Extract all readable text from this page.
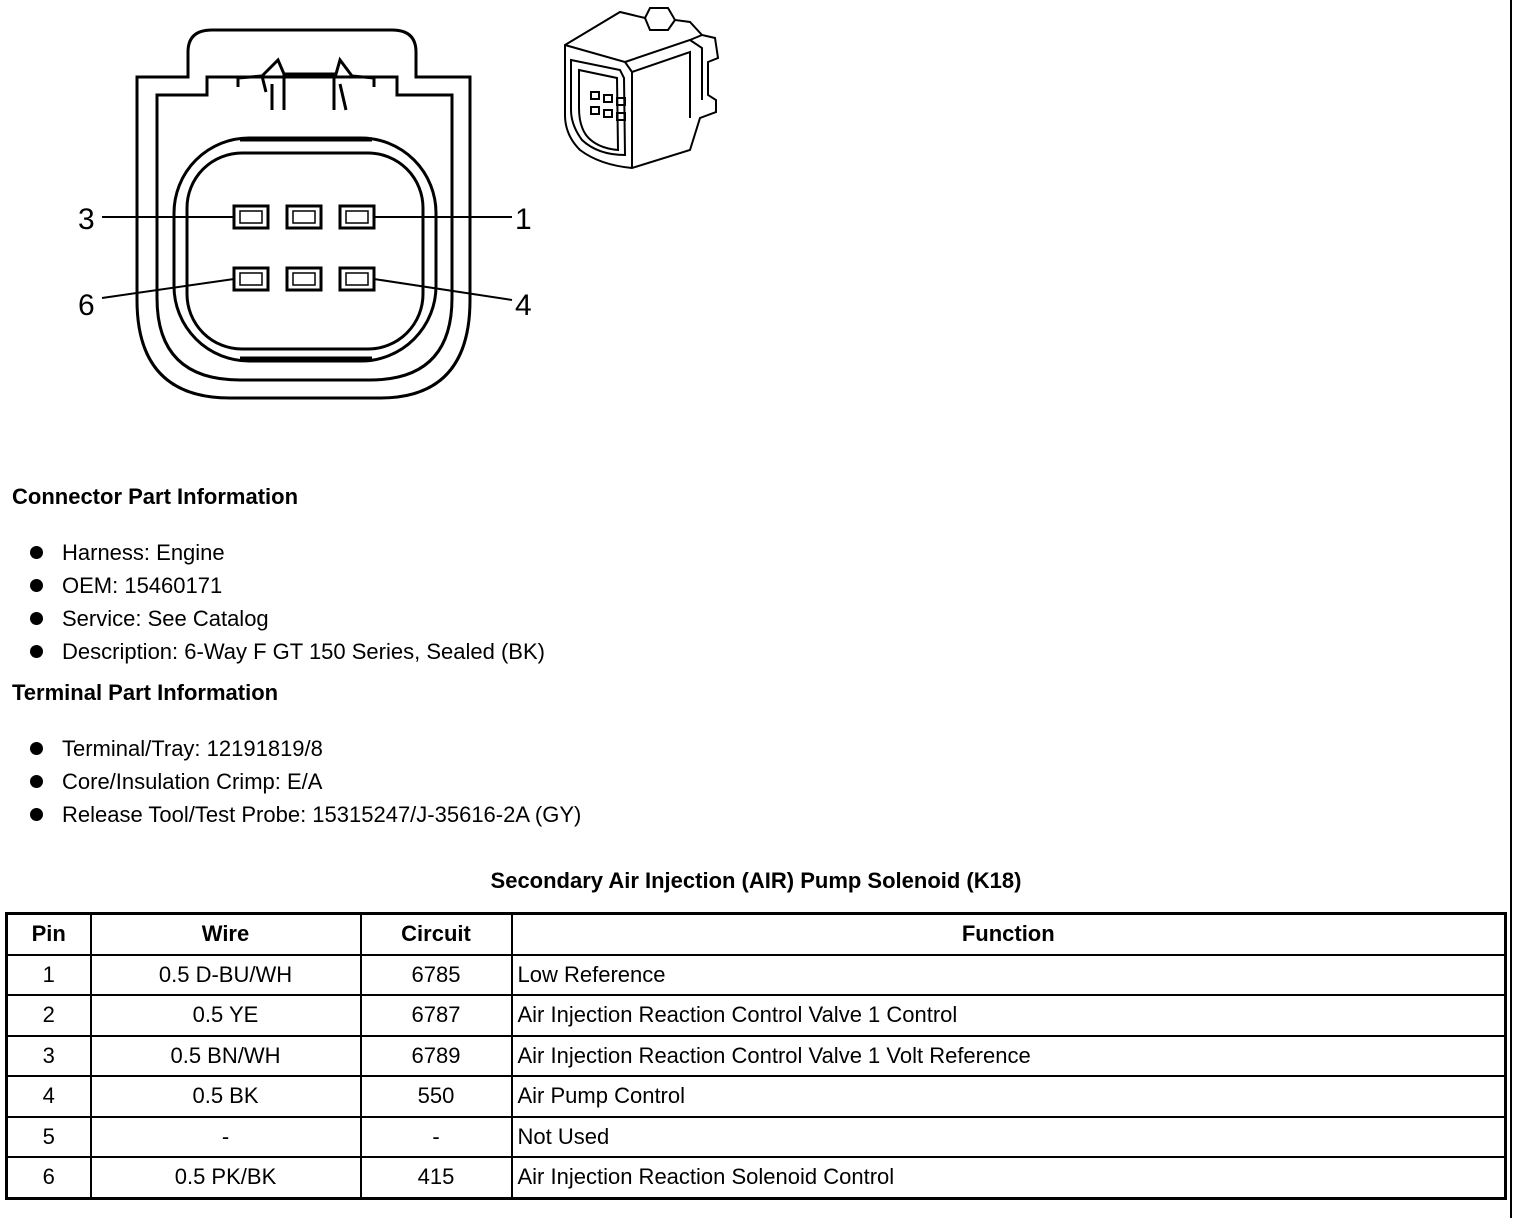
3	1
6	4
Connector Part Information
Harness: Engine
OEM: 15460171
Service: See Catalog
Description: 6-Way F GT 150 Series, Sealed (BK)
Terminal Part Information
Terminal/Tray: 12191819/8
Core/Insulation Crimp: E/A
Release Tool/Test Probe: 15315247/J-35616-2A (GY)
Secondary Air Injection (AIR) Pump Solenoid (K18)
Pin	Wire	Circuit	Function
1	0.5 D-BU/WH	6785	Low Reference
2	0.5 YE	6787	Air Injection Reaction Control Valve 1 Control
3	0.5 BN/WH	6789	Air Injection Reaction Control Valve 1 Volt Reference
4	0.5 BK	550	Air Pump Control
5	-	-	Not Used
6	0.5 PK/BK	415	Air Injection Reaction Solenoid Control
